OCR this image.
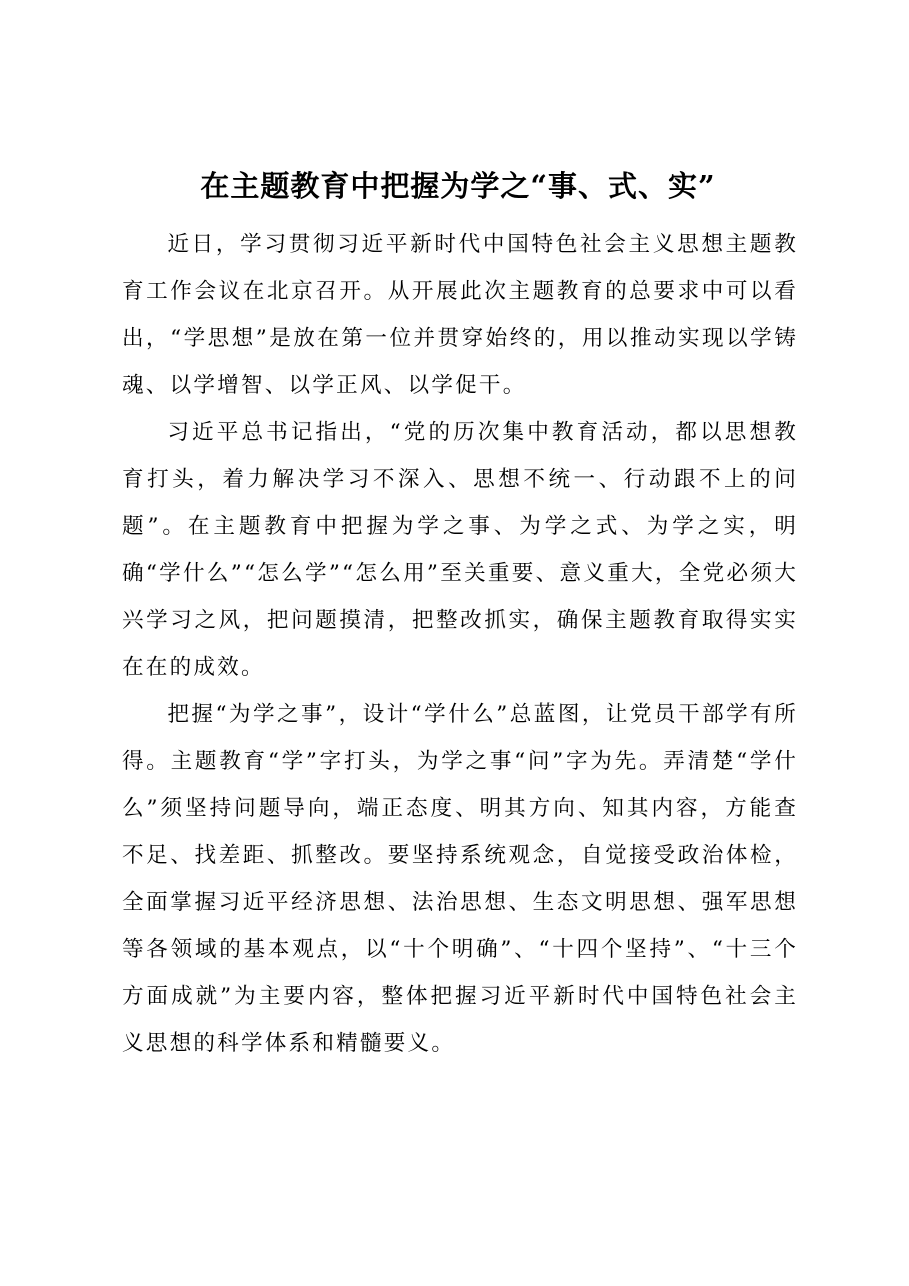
在主题教育中把握为学之“事、式、实”

近日，学习贯彻习近平新时代中国特色社会主义思想主题教育工作会议在北京召开。从开展此次主题教育的总要求中可以看出，“学思想”是放在第一位并贯穿始终的，用以推动实现以学铸魂、以学增智、以学正风、以学促干。

习近平总书记指出，“党的历次集中教育活动，都以思想教育打头，着力解决学习不深入、思想不统一、行动跟不上的问题”。在主题教育中把握为学之事、为学之式、为学之实，明确“学什么”“怎么学”“怎么用”至关重要、意义重大，全党必须大兴学习之风，把问题摸清，把整改抓实，确保主题教育取得实实在在的成效。

把握“为学之事”，设计“学什么”总蓝图，让党员干部学有所得。主题教育“学”字打头，为学之事“问”字为先。弄清楚“学什么”须坚持问题导向，端正态度、明其方向、知其内容，方能查不足、找差距、抓整改。要坚持系统观念，自觉接受政治体检，全面掌握习近平经济思想、法治思想、生态文明思想、强军思想等各领域的基本观点，以“十个明确”、“十四个坚持”、“十三个方面成就”为主要内容，整体把握习近平新时代中国特色社会主义思想的科学体系和精髓要义。
